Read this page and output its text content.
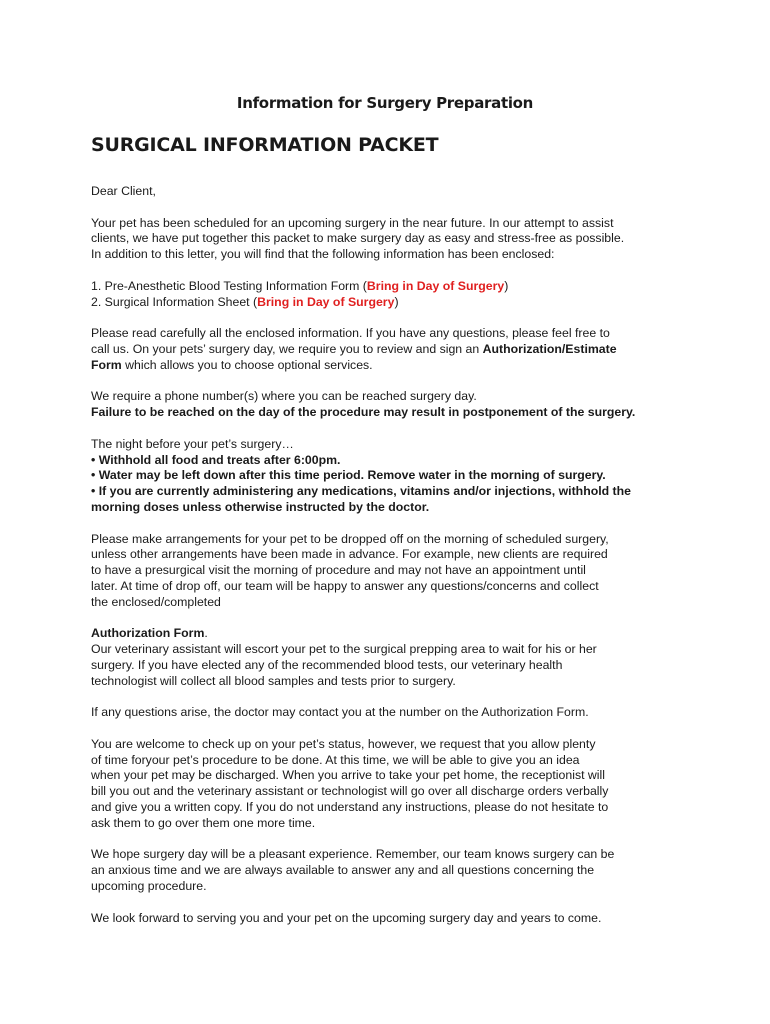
Information for Surgery Preparation
SURGICAL INFORMATION PACKET

Dear Client,

Your pet has been scheduled for an upcoming surgery in the near future. In our attempt to assist
clients, we have put together this packet to make surgery day as easy and stress-free as possible.
In addition to this letter, you will find that the following information has been enclosed:

1. Pre-Anesthetic Blood Testing Information Form (Bring in Day of Surgery)
2. Surgical Information Sheet (Bring in Day of Surgery)

Please read carefully all the enclosed information. If you have any questions, please feel free to
call us. On your pets’ surgery day, we require you to review and sign an Authorization/Estimate
Form which allows you to choose optional services.

We require a phone number(s) where you can be reached surgery day.
Failure to be reached on the day of the procedure may result in postponement of the surgery.

The night before your pet’s surgery…
• Withhold all food and treats after 6:00pm.
• Water may be left down after this time period. Remove water in the morning of surgery.
• If you are currently administering any medications, vitamins and/or injections, withhold the
morning doses unless otherwise instructed by the doctor.

Please make arrangements for your pet to be dropped off on the morning of scheduled surgery,
unless other arrangements have been made in advance. For example, new clients are required
to have a presurgical visit the morning of procedure and may not have an appointment until
later. At time of drop off, our team will be happy to answer any questions/concerns and collect
the enclosed/completed

Authorization Form.
Our veterinary assistant will escort your pet to the surgical prepping area to wait for his or her
surgery. If you have elected any of the recommended blood tests, our veterinary health
technologist will collect all blood samples and tests prior to surgery.

If any questions arise, the doctor may contact you at the number on the Authorization Form.

You are welcome to check up on your pet’s status, however, we request that you allow plenty
of time foryour pet’s procedure to be done. At this time, we will be able to give you an idea
when your pet may be discharged. When you arrive to take your pet home, the receptionist will
bill you out and the veterinary assistant or technologist will go over all discharge orders verbally
and give you a written copy. If you do not understand any instructions, please do not hesitate to
ask them to go over them one more time.

We hope surgery day will be a pleasant experience. Remember, our team knows surgery can be
an anxious time and we are always available to answer any and all questions concerning the
upcoming procedure.

We look forward to serving you and your pet on the upcoming surgery day and years to come.
